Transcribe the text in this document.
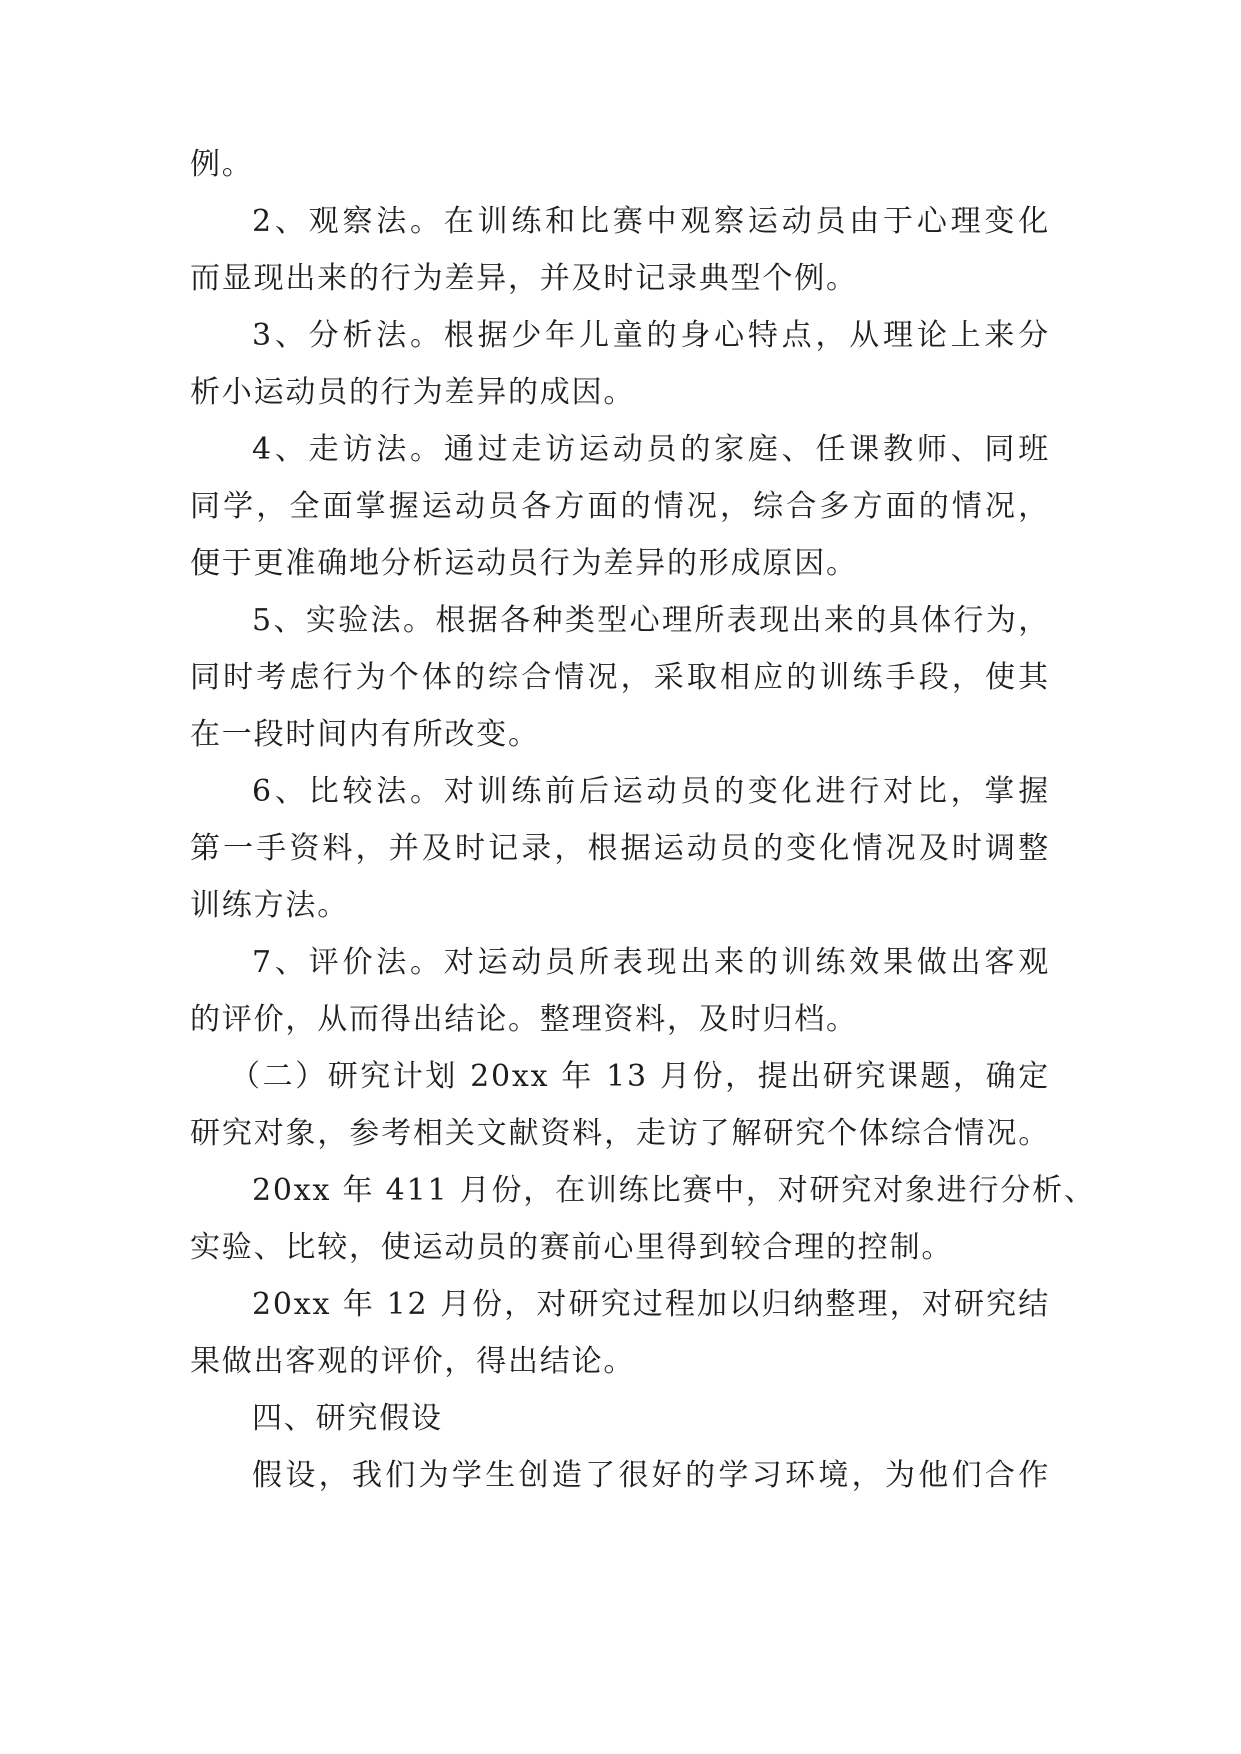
例。
2、观察法。在训练和比赛中观察运动员由于心理变化
而显现出来的行为差异，并及时记录典型个例。
3、分析法。根据少年儿童的身心特点，从理论上来分
析小运动员的行为差异的成因。
4、走访法。通过走访运动员的家庭、任课教师、同班
同学，全面掌握运动员各方面的情况，综合多方面的情况，
便于更准确地分析运动员行为差异的形成原因。
5、实验法。根据各种类型心理所表现出来的具体行为，
同时考虑行为个体的综合情况，采取相应的训练手段，使其
在一段时间内有所改变。
6、比较法。对训练前后运动员的变化进行对比，掌握
第一手资料，并及时记录，根据运动员的变化情况及时调整
训练方法。
7、评价法。对运动员所表现出来的训练效果做出客观
的评价，从而得出结论。整理资料，及时归档。
（二）研究计划 20xx 年 13 月份，提出研究课题，确定
研究对象，参考相关文献资料，走访了解研究个体综合情况。
20xx 年 411 月份，在训练比赛中，对研究对象进行分析、
实验、比较，使运动员的赛前心里得到较合理的控制。
20xx 年 12 月份，对研究过程加以归纳整理，对研究结
果做出客观的评价，得出结论。
四、研究假设
假设，我们为学生创造了很好的学习环境，为他们合作
